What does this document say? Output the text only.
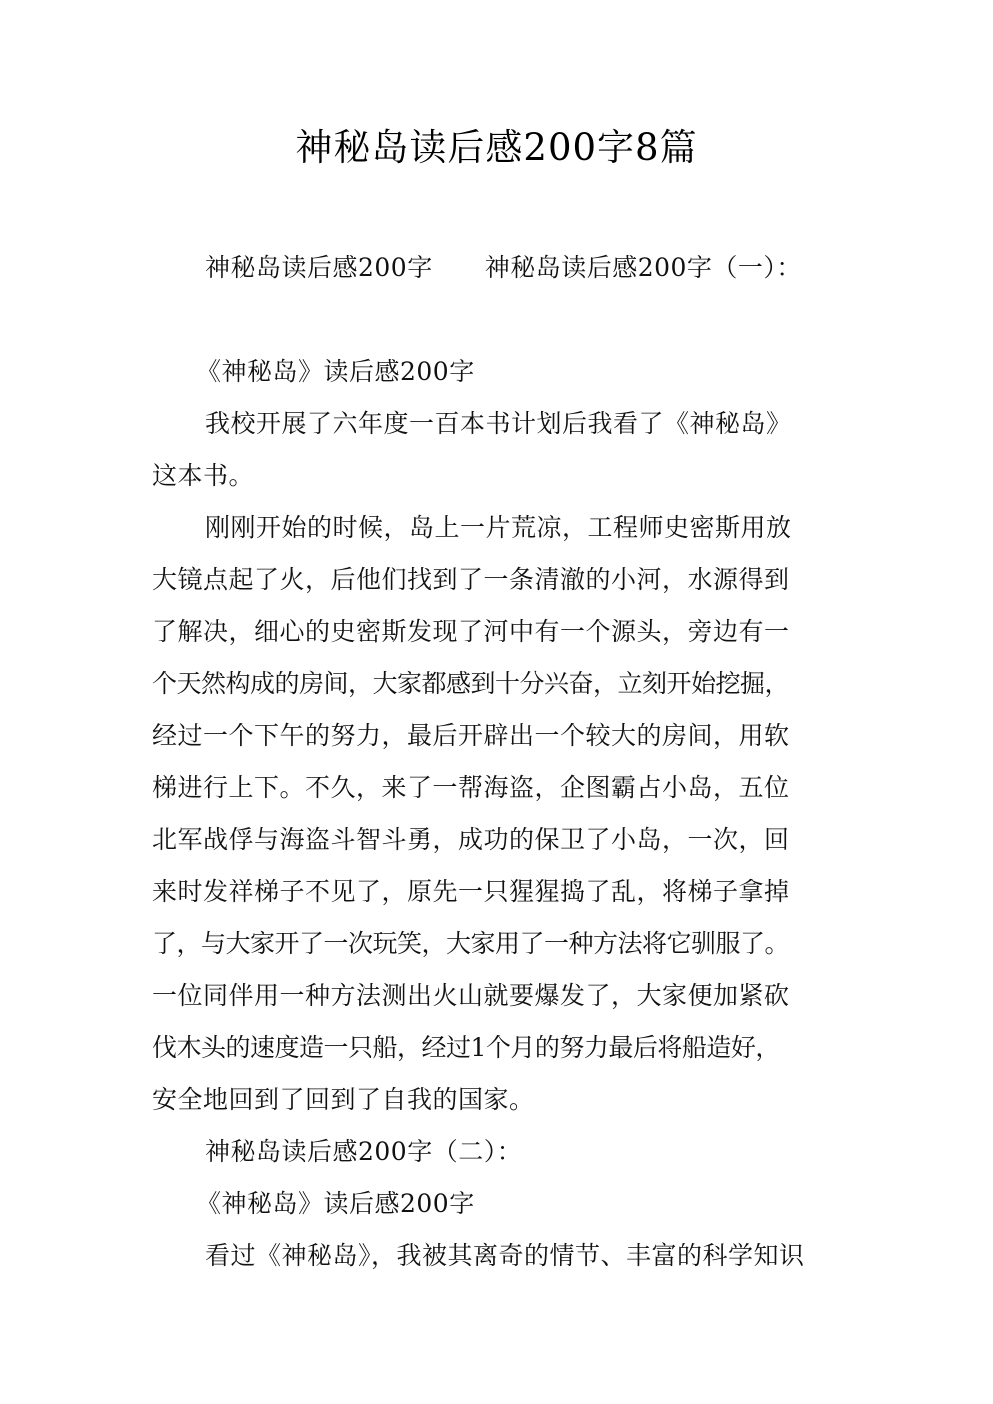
神秘岛读后感200字8篇
神秘岛读后感200字 神秘岛读后感200字（一）：
《神秘岛》读后感200字
我校开展了六年度一百本书计划后我看了《神秘岛》
这本书。
刚刚开始的时候，岛上一片荒凉，工程师史密斯用放
大镜点起了火，后他们找到了一条清澈的小河，水源得到
了解决，细心的史密斯发现了河中有一个源头，旁边有一
个天然构成的房间，大家都感到十分兴奋，立刻开始挖掘，
经过一个下午的努力，最后开辟出一个较大的房间，用软
梯进行上下。不久，来了一帮海盗，企图霸占小岛，五位
北军战俘与海盗斗智斗勇，成功的保卫了小岛，一次，回
来时发祥梯子不见了，原先一只猩猩捣了乱，将梯子拿掉
了，与大家开了一次玩笑，大家用了一种方法将它驯服了。
一位同伴用一种方法测出火山就要爆发了，大家便加紧砍
伐木头的速度造一只船，经过1个月的努力最后将船造好，
安全地回到了回到了自我的国家。
神秘岛读后感200字（二）：
《神秘岛》读后感200字
看过《神秘岛》，我被其离奇的情节、丰富的科学知识
